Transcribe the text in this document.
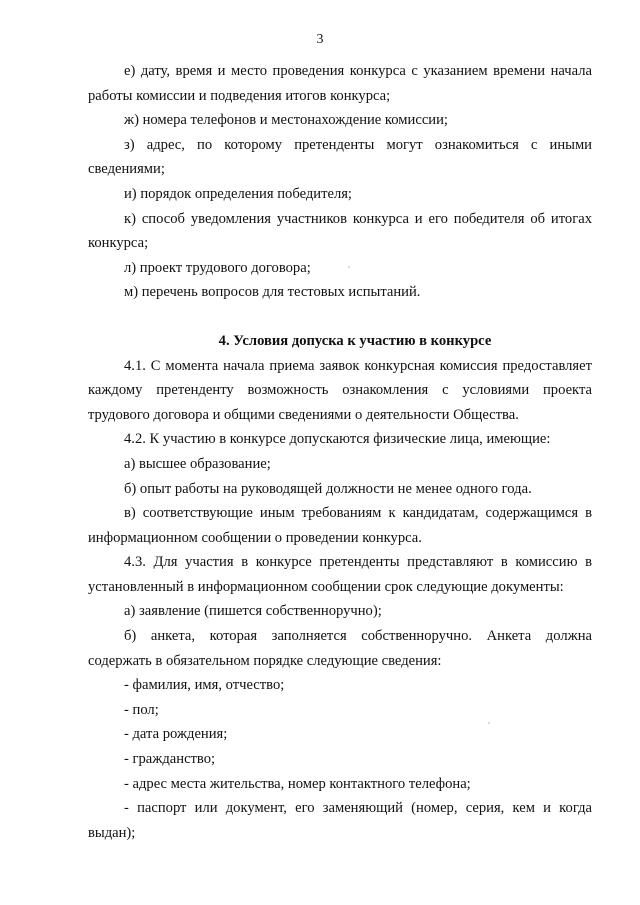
3

е) дату, время и место проведения конкурса с указанием времени начала работы комиссии и подведения итогов конкурса;

ж) номера телефонов и местонахождение комиссии;

з) адрес, по которому претенденты могут ознакомиться с иными сведениями;

и) порядок определения победителя;

к) способ уведомления участников конкурса и его победителя об итогах конкурса;

л) проект трудового договора;

м) перечень вопросов для тестовых испытаний.

4. Условия допуска к участию в конкурсе

4.1. С момента начала приема заявок конкурсная комиссия предоставляет каждому претенденту возможность ознакомления с условиями проекта трудового договора и общими сведениями о деятельности Общества.

4.2. К участию в конкурсе допускаются физические лица, имеющие:

а) высшее образование;

б) опыт работы на руководящей должности не менее одного года.

в) соответствующие иным требованиям к кандидатам, содержащимся в информационном сообщении о проведении конкурса.

4.3. Для участия в конкурсе претенденты представляют в комиссию в установленный в информационном сообщении срок следующие документы:

а) заявление (пишется собственноручно);

б) анкета, которая заполняется собственноручно. Анкета должна содержать в обязательном порядке следующие сведения:

- фамилия, имя, отчество;

- пол;

- дата рождения;

- гражданство;

- адрес места жительства, номер контактного телефона;

- паспорт или документ, его заменяющий (номер, серия, кем и когда выдан);
